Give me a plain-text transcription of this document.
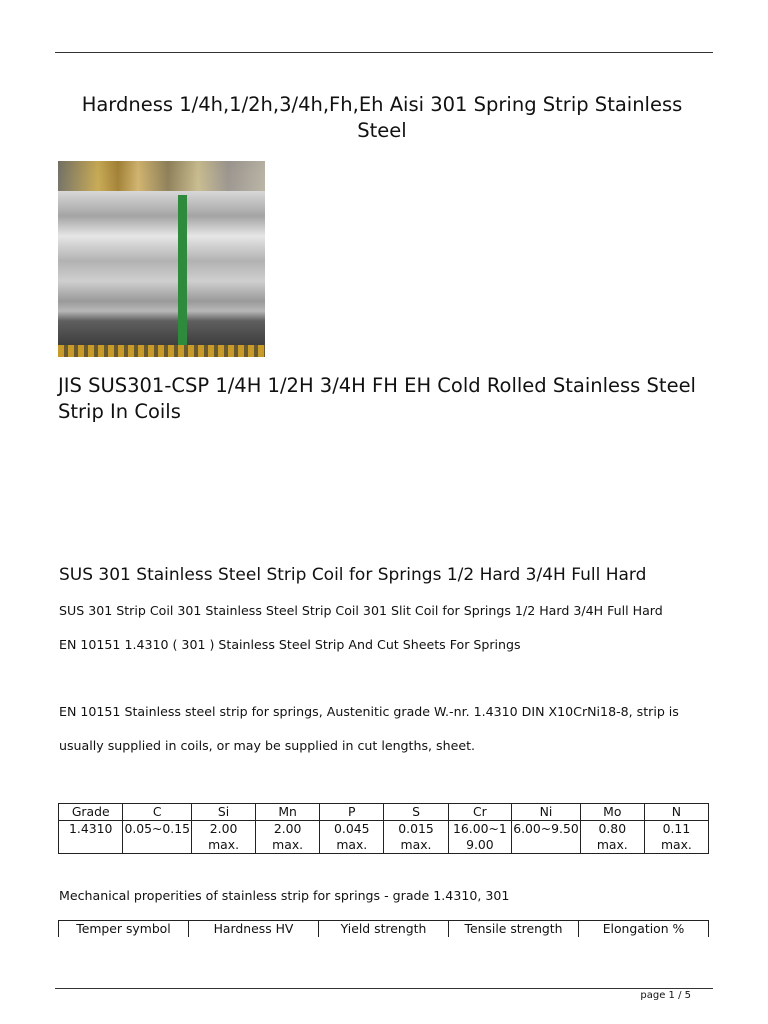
Hardness 1/4h,1/2h,3/4h,Fh,Eh Aisi 301 Spring Strip Stainless Steel
JIS SUS301-CSP 1/4H 1/2H 3/4H FH EH Cold Rolled Stainless Steel Strip In Coils
SUS 301 Stainless Steel Strip Coil for Springs 1/2 Hard 3/4H Full Hard

SUS 301 Strip Coil 301 Stainless Steel Strip Coil 301 Slit Coil for Springs 1/2 Hard 3/4H Full Hard

EN 10151 1.4310 ( 301 ) Stainless Steel Strip And Cut Sheets For Springs

EN 10151 Stainless steel strip for springs, Austenitic grade W.-nr. 1.4310 DIN X10CrNi18-8, strip is

usually supplied in coils, or may be supplied in cut lengths, sheet.

Grade	C	Si	Mn	P	S	Cr	Ni	Mo	N
1.4310	0.05~0.15	2.00 max.	2.00 max.	0.045 max.	0.015 max.	16.00~19.00	6.00~9.50	0.80 max.	0.11 max.

Mechanical properities of stainless strip for springs - grade 1.4310, 301

Temper symbol	Hardness HV	Yield strength	Tensile strength	Elongation %
page 1 / 5
